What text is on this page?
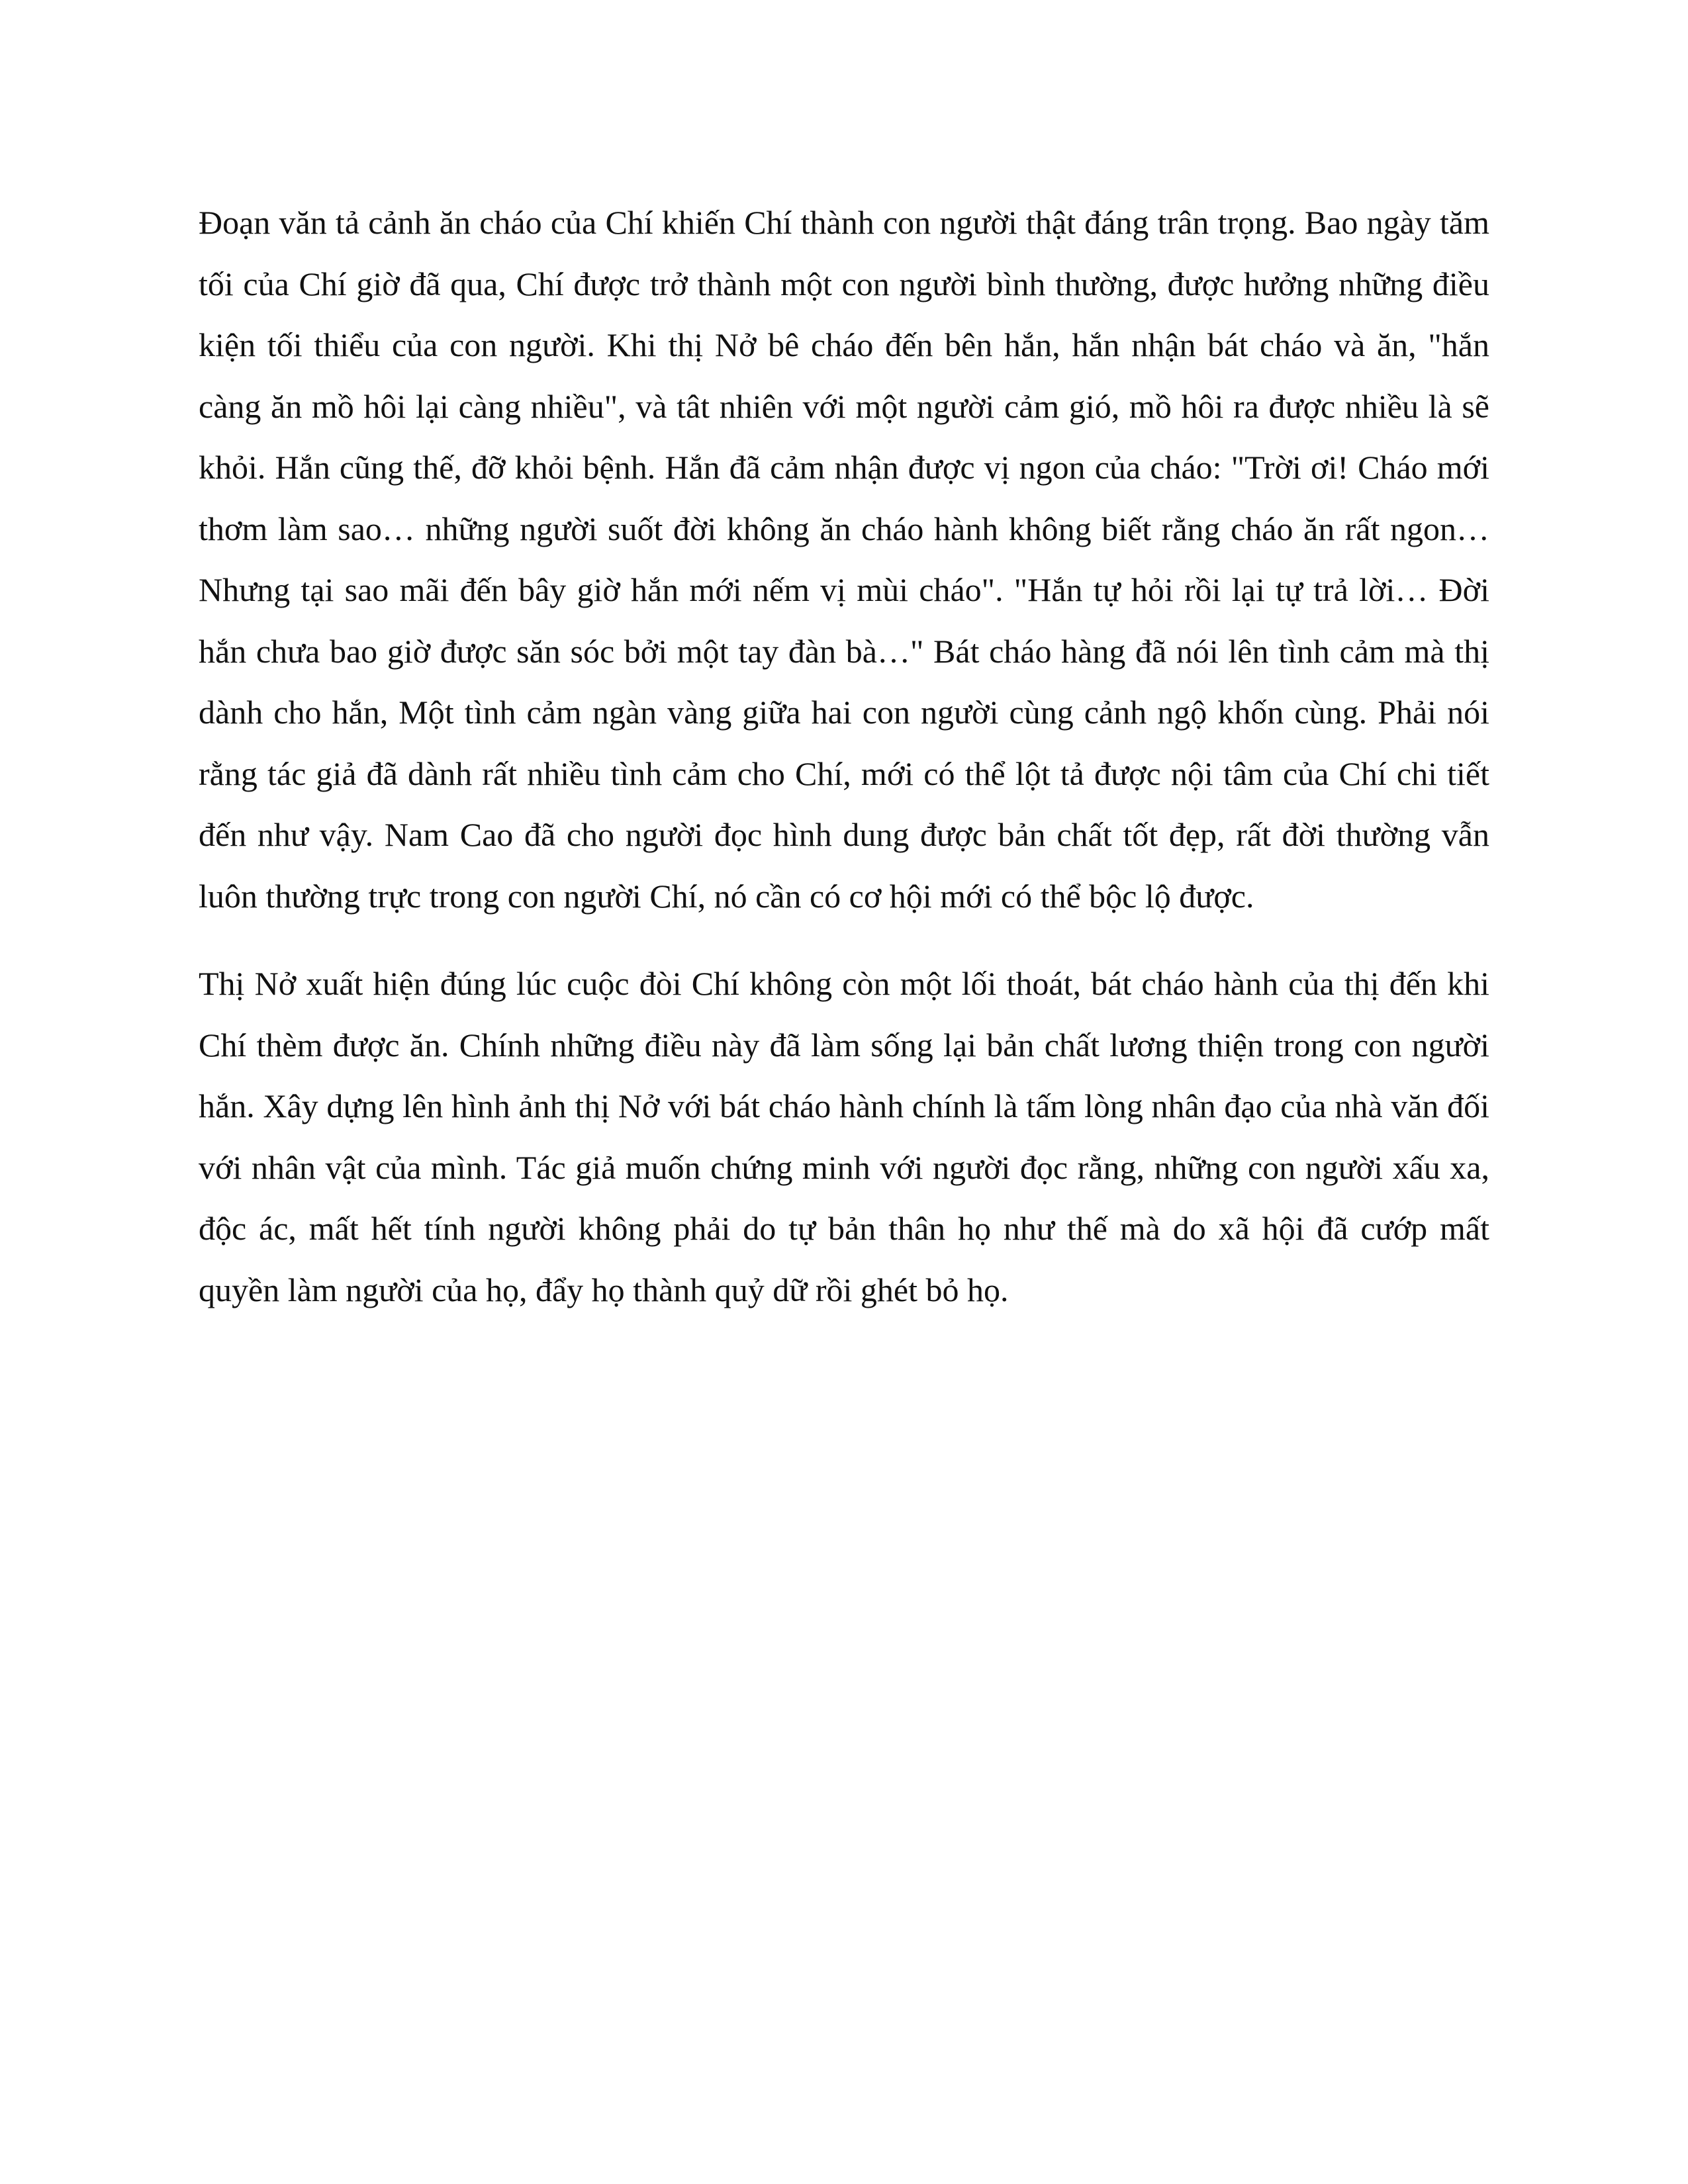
Đoạn văn tả cảnh ăn cháo của Chí khiến Chí thành con người thật đáng trân trọng. Bao ngày tăm tối của Chí giờ đã qua, Chí được trở thành một con người bình thường, được hưởng những điều kiện tối thiểu của con người. Khi thị Nở bê cháo đến bên hắn, hắn nhận bát cháo và ăn, "hắn càng ăn mồ hôi lại càng nhiều", và tât nhiên với một người cảm gió, mồ hôi ra được nhiều là sẽ khỏi. Hắn cũng thế, đỡ khỏi bệnh. Hắn đã cảm nhận được vị ngon của cháo: "Trời ơi! Cháo mới thơm làm sao… những người suốt đời không ăn cháo hành không biết rằng cháo ăn rất ngon… Nhưng tại sao mãi đến bây giờ hắn mới nếm vị mùi cháo". "Hắn tự hỏi rồi lại tự trả lời… Đời hắn chưa bao giờ được săn sóc bởi một tay đàn bà…" Bát cháo hàng đã nói lên tình cảm mà thị dành cho hắn, Một tình cảm ngàn vàng giữa hai con người cùng cảnh ngộ khốn cùng. Phải nói rằng tác giả đã dành rất nhiều tình cảm cho Chí, mới có thể lột tả được nội tâm của Chí chi tiết đến như vậy. Nam Cao đã cho người đọc hình dung được bản chất tốt đẹp, rất đời thường vẫn luôn thường trực trong con người Chí, nó cần có cơ hội mới có thể bộc lộ được.

Thị Nở xuất hiện đúng lúc cuộc đòi Chí không còn một lối thoát, bát cháo hành của thị đến khi Chí thèm được ăn. Chính những điều này đã làm sống lại bản chất lương thiện trong con người hắn. Xây dựng lên hình ảnh thị Nở với bát cháo hành chính là tấm lòng nhân đạo của nhà văn đối với nhân vật của mình. Tác giả muốn chứng minh với người đọc rằng, những con người xấu xa, độc ác, mất hết tính người không phải do tự bản thân họ như thế mà do xã hội đã cướp mất quyền làm người của họ, đẩy họ thành quỷ dữ rồi ghét bỏ họ.
